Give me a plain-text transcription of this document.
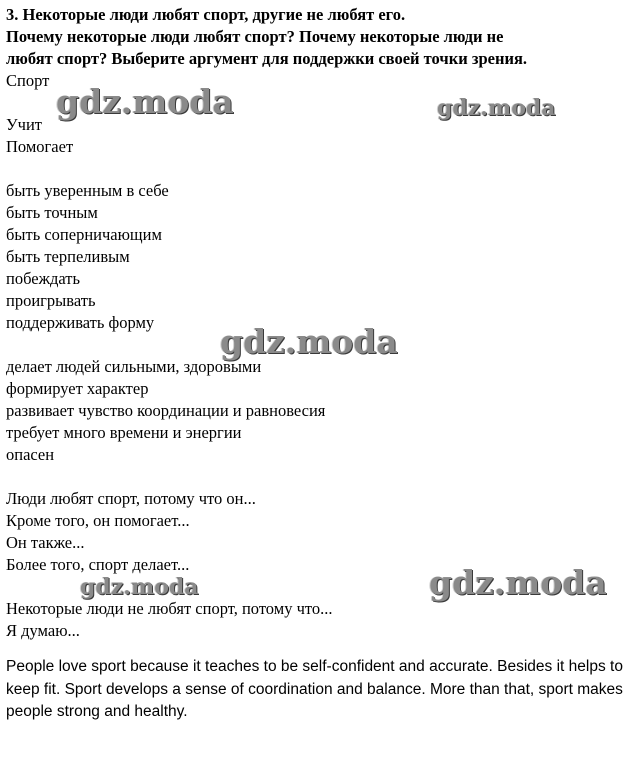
3. Некоторые люди любят спорт, другие не любят его.
Почему некоторые люди любят спорт? Почему некоторые люди не
любят спорт? Выберите аргумент для поддержки своей точки зрения.
Спорт
Учит
Помогает
быть уверенным в себе
быть точным
быть соперничающим
быть терпеливым
побеждать
проигрывать
поддерживать форму
делает людей сильными, здоровыми
формирует характер
развивает чувство координации и равновесия
требует много времени и энергии
опасен
Люди любят спорт, потому что он...
Кроме того, он помогает...
Он также...
Более того, спорт делает...
Некоторые люди не любят спорт, потому что...
Я думаю...
People love sport because it teaches to be self-confident and accurate. Besides it helps to keep fit. Sport develops a sense of coordination and balance. More than that, sport makes people strong and healthy.
gdz.moda	gdz.moda
gdz.moda
gdz.moda	gdz.moda
